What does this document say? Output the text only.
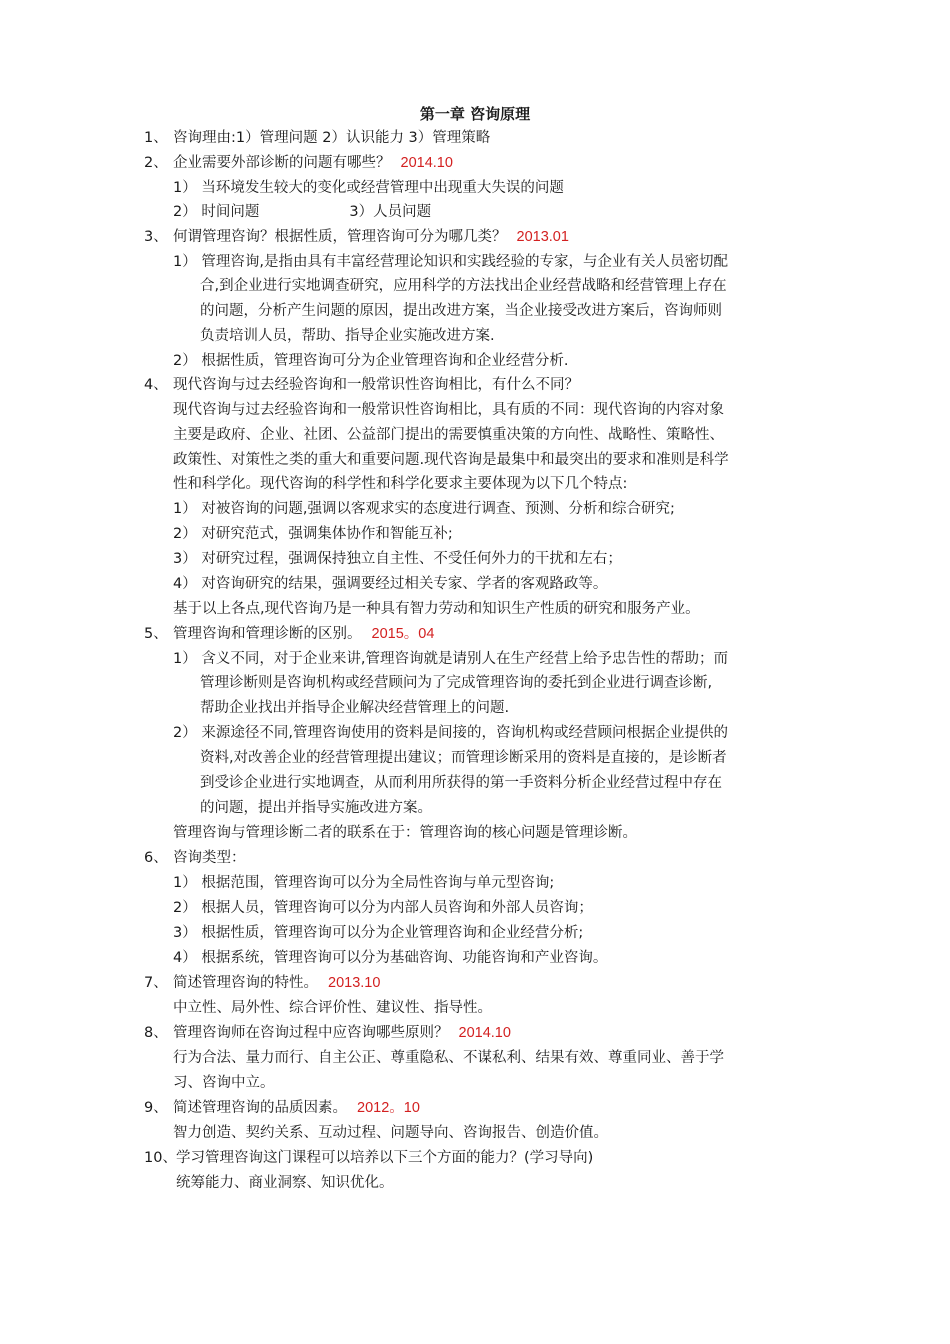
第一章 咨询原理
1、 咨询理由:1）管理问题 2）认识能力 3）管理策略
2、 企业需要外部诊断的问题有哪些？ 2014.10
1） 当环境发生较大的变化或经营管理中出现重大失误的问题
2） 时间问题	3）人员问题
3、 何谓管理咨询？根据性质，管理咨询可分为哪几类？ 2013.01
1） 管理咨询,是指由具有丰富经营理论知识和实践经验的专家，与企业有关人员密切配
合,到企业进行实地调查研究，应用科学的方法找出企业经营战略和经营管理上存在
的问题，分析产生问题的原因，提出改进方案，当企业接受改进方案后，咨询师则
负责培训人员，帮助、指导企业实施改进方案.
2） 根据性质，管理咨询可分为企业管理咨询和企业经营分析.
4、 现代咨询与过去经验咨询和一般常识性咨询相比，有什么不同？
现代咨询与过去经验咨询和一般常识性咨询相比，具有质的不同：现代咨询的内容对象
主要是政府、企业、社团、公益部门提出的需要慎重决策的方向性、战略性、策略性、
政策性、对策性之类的重大和重要问题.现代咨询是最集中和最突出的要求和准则是科学
性和科学化。现代咨询的科学性和科学化要求主要体现为以下几个特点:
1） 对被咨询的问题,强调以客观求实的态度进行调查、预测、分析和综合研究;
2） 对研究范式，强调集体协作和智能互补;
3） 对研究过程，强调保持独立自主性、不受任何外力的干扰和左右；
4） 对咨询研究的结果，强调要经过相关专家、学者的客观路政等。
基于以上各点,现代咨询乃是一种具有智力劳动和知识生产性质的研究和服务产业。
5、 管理咨询和管理诊断的区别。 2015。04
1） 含义不同，对于企业来讲,管理咨询就是请别人在生产经营上给予忠告性的帮助；而
管理诊断则是咨询机构或经营顾问为了完成管理咨询的委托到企业进行调查诊断,
帮助企业找出并指导企业解决经营管理上的问题.
2） 来源途径不同,管理咨询使用的资料是间接的，咨询机构或经营顾问根据企业提供的
资料,对改善企业的经营管理提出建议；而管理诊断采用的资料是直接的，是诊断者
到受诊企业进行实地调查，从而利用所获得的第一手资料分析企业经营过程中存在
的问题，提出并指导实施改进方案。
管理咨询与管理诊断二者的联系在于：管理咨询的核心问题是管理诊断。
6、 咨询类型：
1） 根据范围，管理咨询可以分为全局性咨询与单元型咨询;
2） 根据人员，管理咨询可以分为内部人员咨询和外部人员咨询；
3） 根据性质，管理咨询可以分为企业管理咨询和企业经营分析;
4） 根据系统，管理咨询可以分为基础咨询、功能咨询和产业咨询。
7、 简述管理咨询的特性。 2013.10
中立性、局外性、综合评价性、建议性、指导性。
8、 管理咨询师在咨询过程中应咨询哪些原则？ 2014.10
行为合法、量力而行、自主公正、尊重隐私、不谋私利、结果有效、尊重同业、善于学
习、咨询中立。
9、 简述管理咨询的品质因素。 2012。10
智力创造、契约关系、互动过程、问题导向、咨询报告、创造价值。
10、学习管理咨询这门课程可以培养以下三个方面的能力？(学习导向)
统筹能力、商业洞察、知识优化。
